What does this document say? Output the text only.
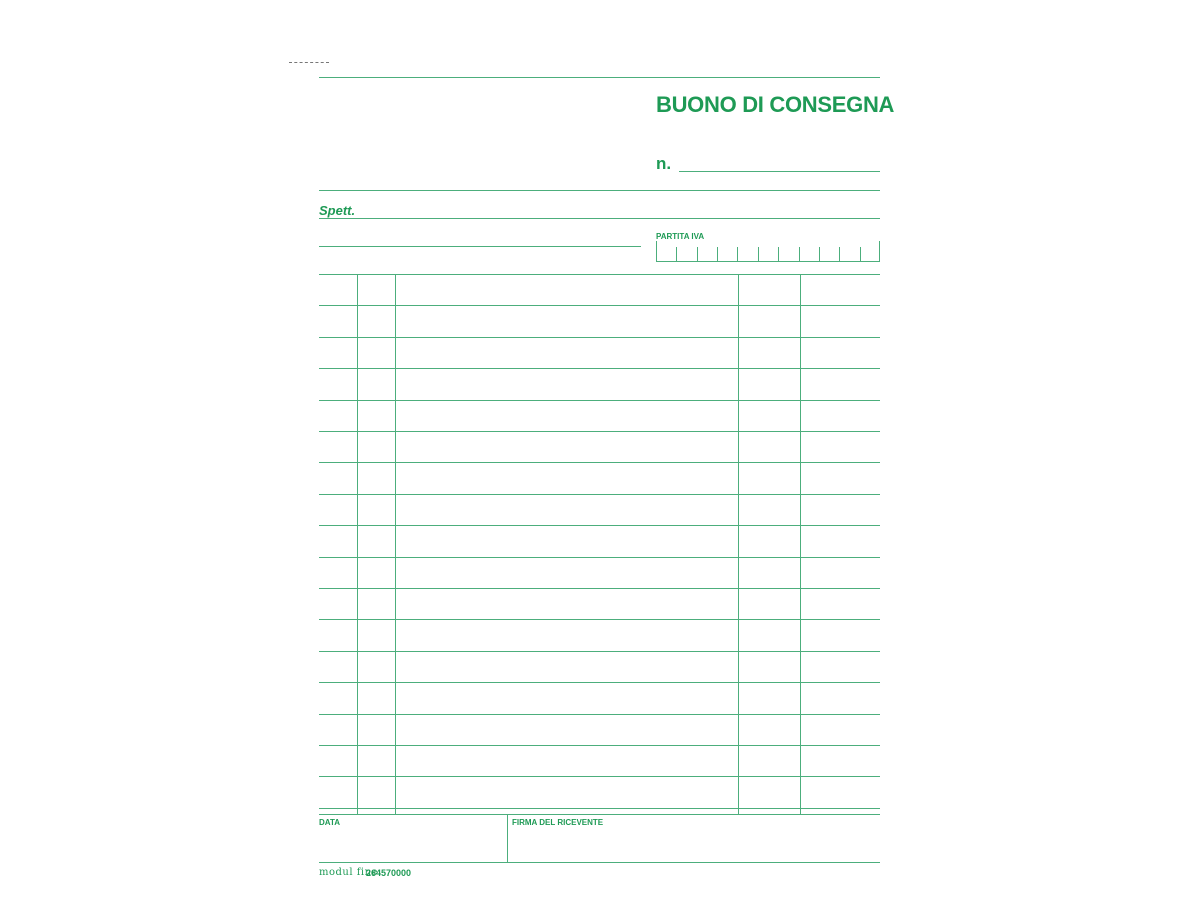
BUONO DI CONSEGNA
n.
Spett.
PARTITA IVA
DATA	FIRMA DEL RICEVENTE
modul fine
264570000
